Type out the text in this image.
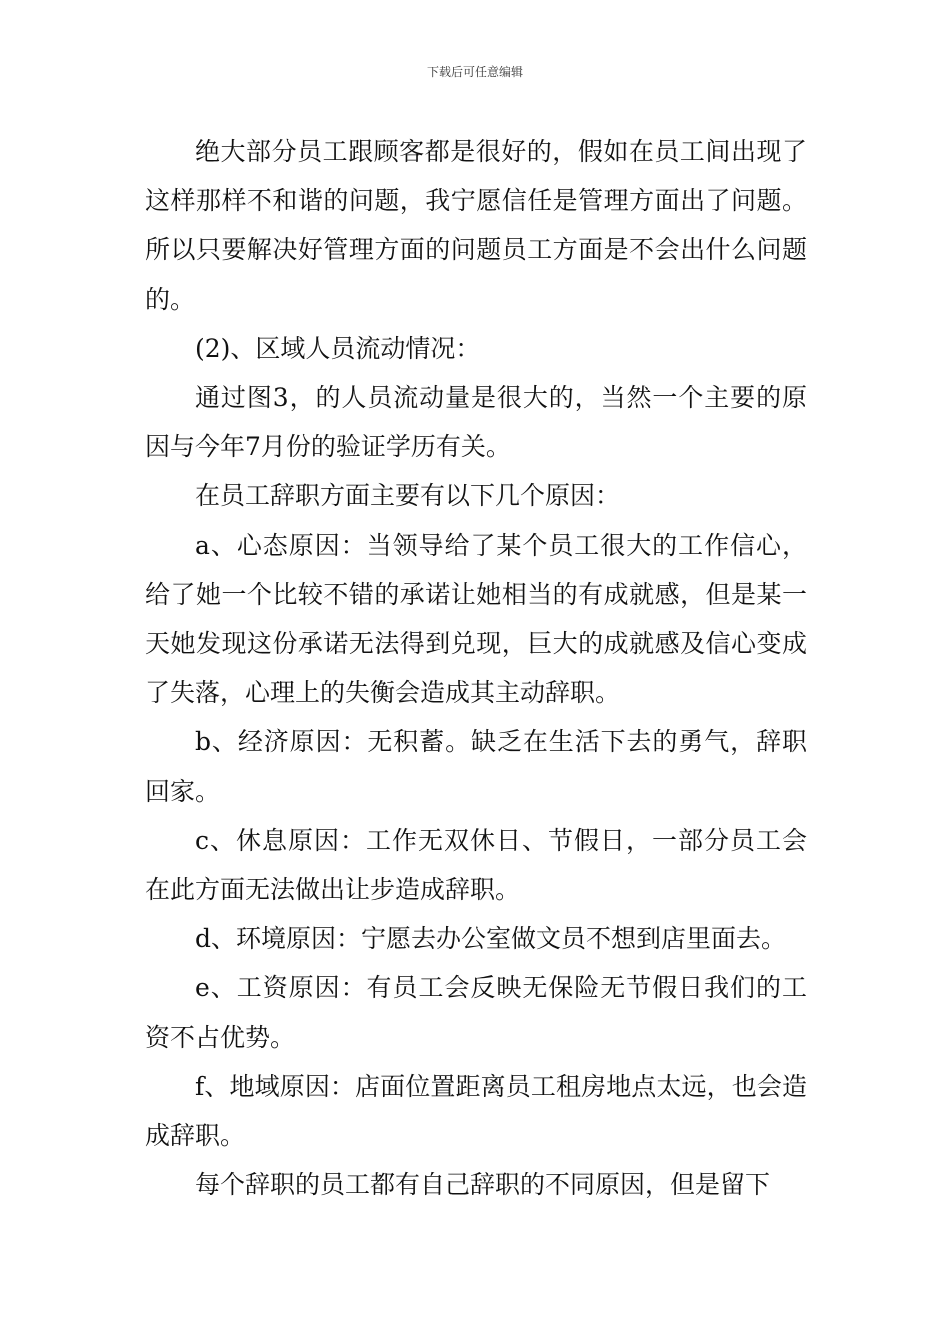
下载后可任意编辑

绝大部分员工跟顾客都是很好的，假如在员工间出现了这样那样不和谐的问题，我宁愿信任是管理方面出了问题。所以只要解决好管理方面的问题员工方面是不会出什么问题的。

(2)、区域人员流动情况：

通过图3，的人员流动量是很大的，当然一个主要的原因与今年7月份的验证学历有关。

在员工辞职方面主要有以下几个原因：

a、心态原因：当领导给了某个员工很大的工作信心，给了她一个比较不错的承诺让她相当的有成就感，但是某一天她发现这份承诺无法得到兑现，巨大的成就感及信心变成了失落，心理上的失衡会造成其主动辞职。

b、经济原因：无积蓄。缺乏在生活下去的勇气，辞职回家。

c、休息原因：工作无双休日、节假日，一部分员工会在此方面无法做出让步造成辞职。

d、环境原因：宁愿去办公室做文员不想到店里面去。

e、工资原因：有员工会反映无保险无节假日我们的工资不占优势。

f、地域原因：店面位置距离员工租房地点太远，也会造成辞职。

每个辞职的员工都有自己辞职的不同原因，但是留下
